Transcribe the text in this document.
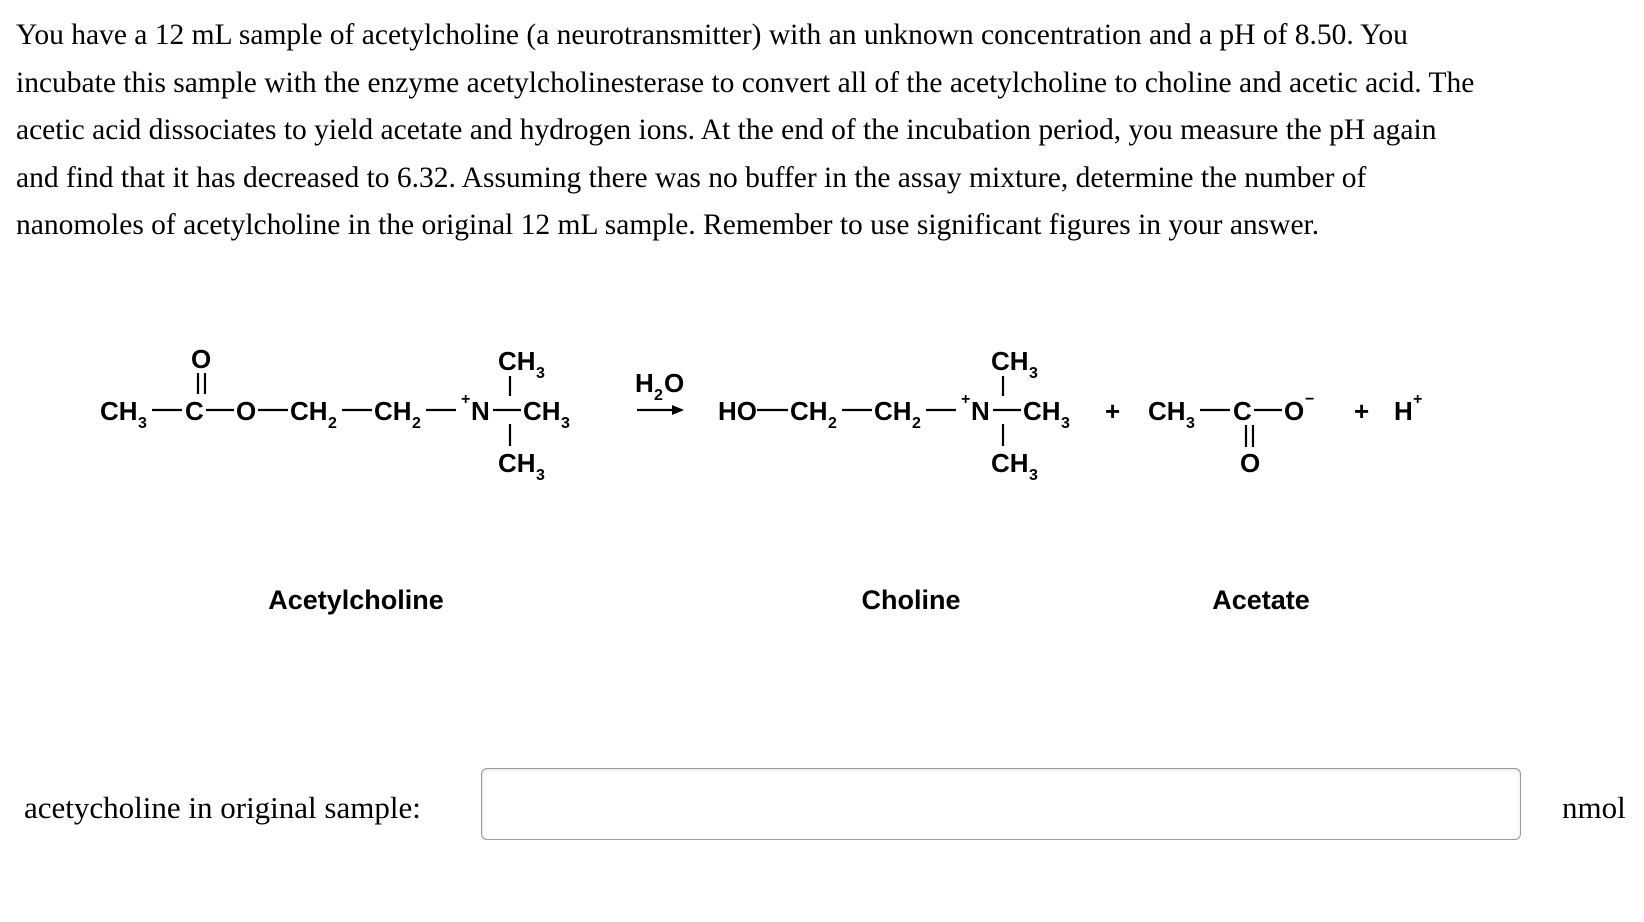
You have a 12 mL sample of acetylcholine (a neurotransmitter) with an unknown concentration and a pH of 8.50. You
incubate this sample with the enzyme acetylcholinesterase to convert all of the acetylcholine to choline and acetic acid. The
acetic acid dissociates to yield acetate and hydrogen ions. At the end of the incubation period, you measure the pH again
and find that it has decreased to 6.32. Assuming there was no buffer in the assay mixture, determine the number of
nanomoles of acetylcholine in the original 12 mL sample. Remember to use significant figures in your answer.
CH 3 C
O
O CH 2 CH 2
+ N
CH 3
CH 3
CH 3
H 2 O
HO CH 2 CH 2
+ N
CH 3
CH 3
CH 3
+ CH 3 C O −
O
+ H +
Acetylcholine	Choline	Acetate
acetycholine in original sample:	nmol
